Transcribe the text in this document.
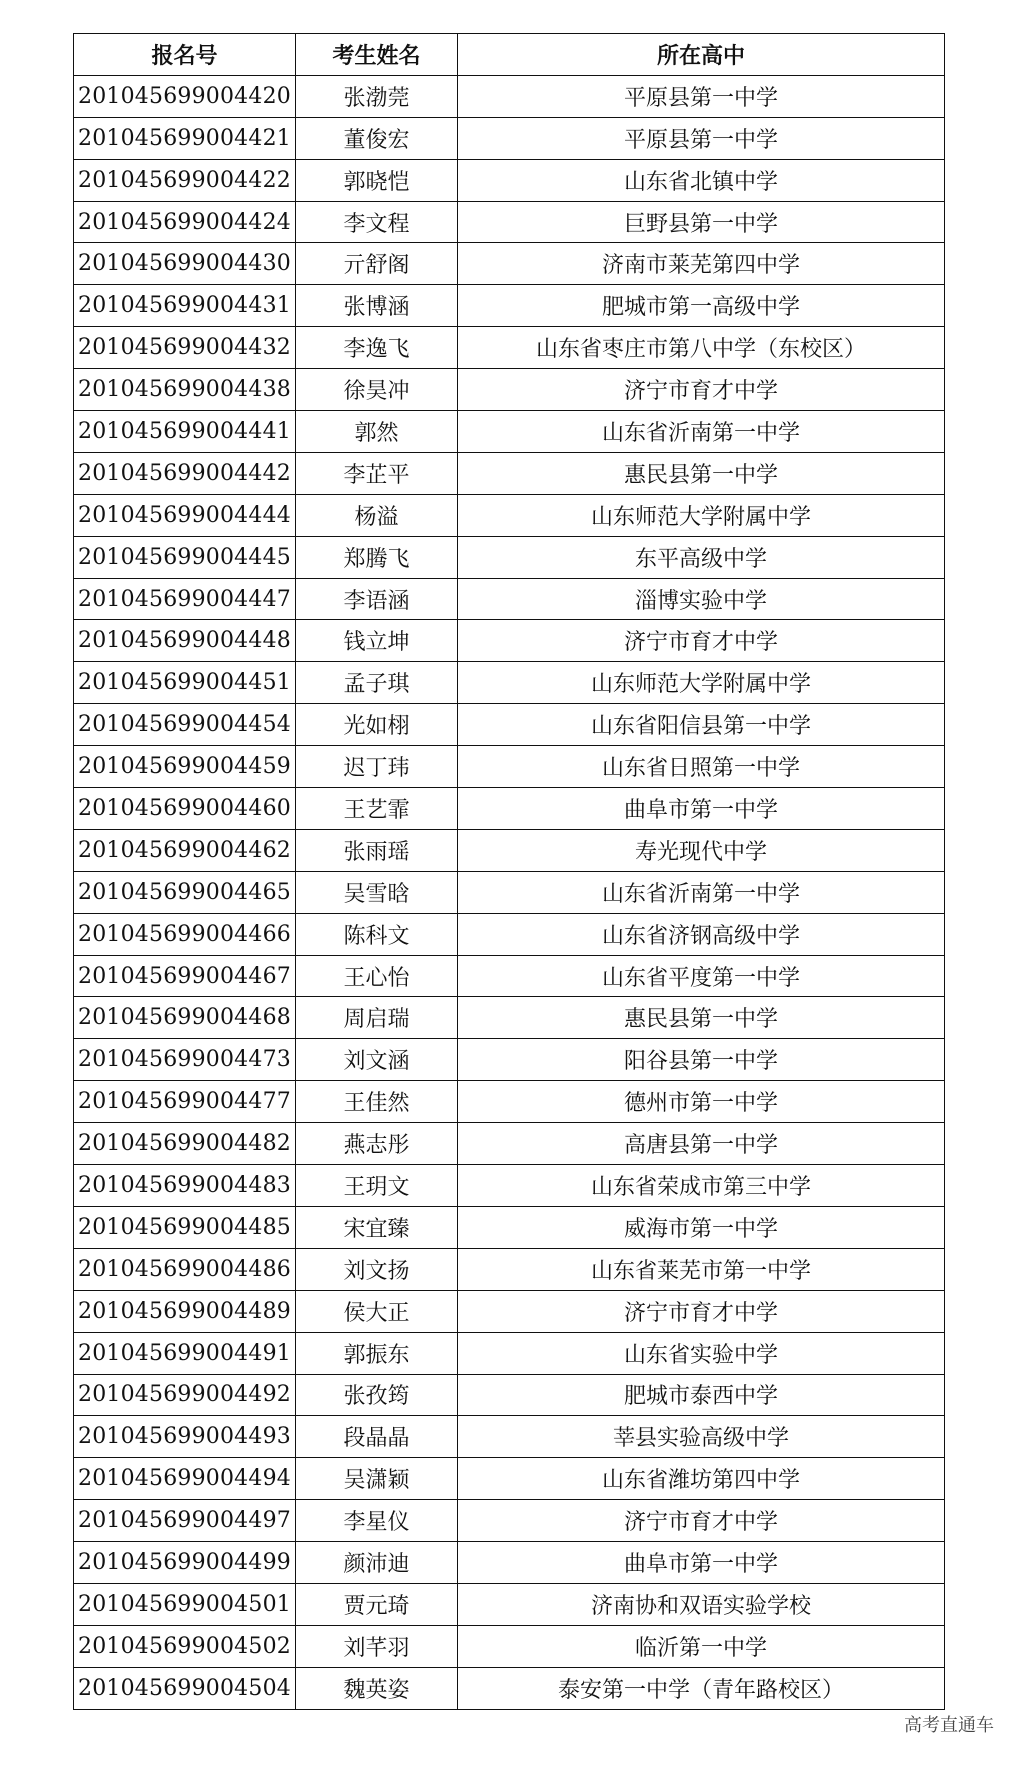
报名号	考生姓名	所在高中
201045699004420	张渤莞	平原县第一中学
201045699004421	董俊宏	平原县第一中学
201045699004422	郭晓恺	山东省北镇中学
201045699004424	李文程	巨野县第一中学
201045699004430	亓舒阁	济南市莱芜第四中学
201045699004431	张博涵	肥城市第一高级中学
201045699004432	李逸飞	山东省枣庄市第八中学（东校区）
201045699004438	徐昊冲	济宁市育才中学
201045699004441	郭然	山东省沂南第一中学
201045699004442	李芷平	惠民县第一中学
201045699004444	杨溢	山东师范大学附属中学
201045699004445	郑腾飞	东平高级中学
201045699004447	李语涵	淄博实验中学
201045699004448	钱立坤	济宁市育才中学
201045699004451	孟子琪	山东师范大学附属中学
201045699004454	光如栩	山东省阳信县第一中学
201045699004459	迟丁玮	山东省日照第一中学
201045699004460	王艺霏	曲阜市第一中学
201045699004462	张雨瑶	寿光现代中学
201045699004465	吴雪晗	山东省沂南第一中学
201045699004466	陈科文	山东省济钢高级中学
201045699004467	王心怡	山东省平度第一中学
201045699004468	周启瑞	惠民县第一中学
201045699004473	刘文涵	阳谷县第一中学
201045699004477	王佳然	德州市第一中学
201045699004482	燕志彤	高唐县第一中学
201045699004483	王玥文	山东省荣成市第三中学
201045699004485	宋宜臻	威海市第一中学
201045699004486	刘文扬	山东省莱芜市第一中学
201045699004489	侯大正	济宁市育才中学
201045699004491	郭振东	山东省实验中学
201045699004492	张孜筠	肥城市泰西中学
201045699004493	段晶晶	莘县实验高级中学
201045699004494	吴潇颖	山东省潍坊第四中学
201045699004497	李星仪	济宁市育才中学
201045699004499	颜沛迪	曲阜市第一中学
201045699004501	贾元琦	济南协和双语实验学校
201045699004502	刘芊羽	临沂第一中学
201045699004504	魏英姿	泰安第一中学（青年路校区）
高考直通车
